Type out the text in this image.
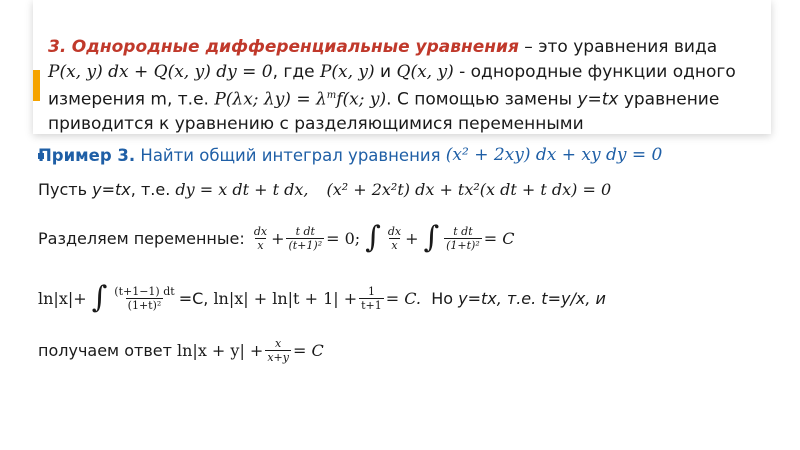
3. Однородные дифференциальные уравнения – это уравнения вида
P(x, y) dx + Q(x, y) dy = 0, где P(x, y) и Q(x, y) - однородные функции одного
измерения m, т.е. P(λx; $\lambda y) = \lambda^mf(x$; y). С помощью замены y=tx уравнение
приводится к уравнению с разделяющимися переменными
Пример 3. Найти общий интеграл уравнения (x² + 2xy) dx + xy dy = 0
Пусть y=tx , т.е. dy = x dt + t dx, (x² + 2x²t) dx + tx²(x dt + t dx) = 0
Разделяем переменные: $\frac{dx}{x} + \frac{\text{t dt}}{\text{(t+1)²}} = 0$; ∫ $\frac{dx}{x}$ + ∫ $\frac{\text{t dt}}{\text{(1+t)²}} = C$
ln|x|+ ∫ $\frac{(t+1-1) dt}{\text{(1+t)²}} =C$, $\ln|x| + \ln|t + 1| + \frac{1}{t+1} = C$. Но y=tx, т.е. t=y/x, и
получаем ответ $\ln|x + y| + \frac{x}{x+y} = C$
